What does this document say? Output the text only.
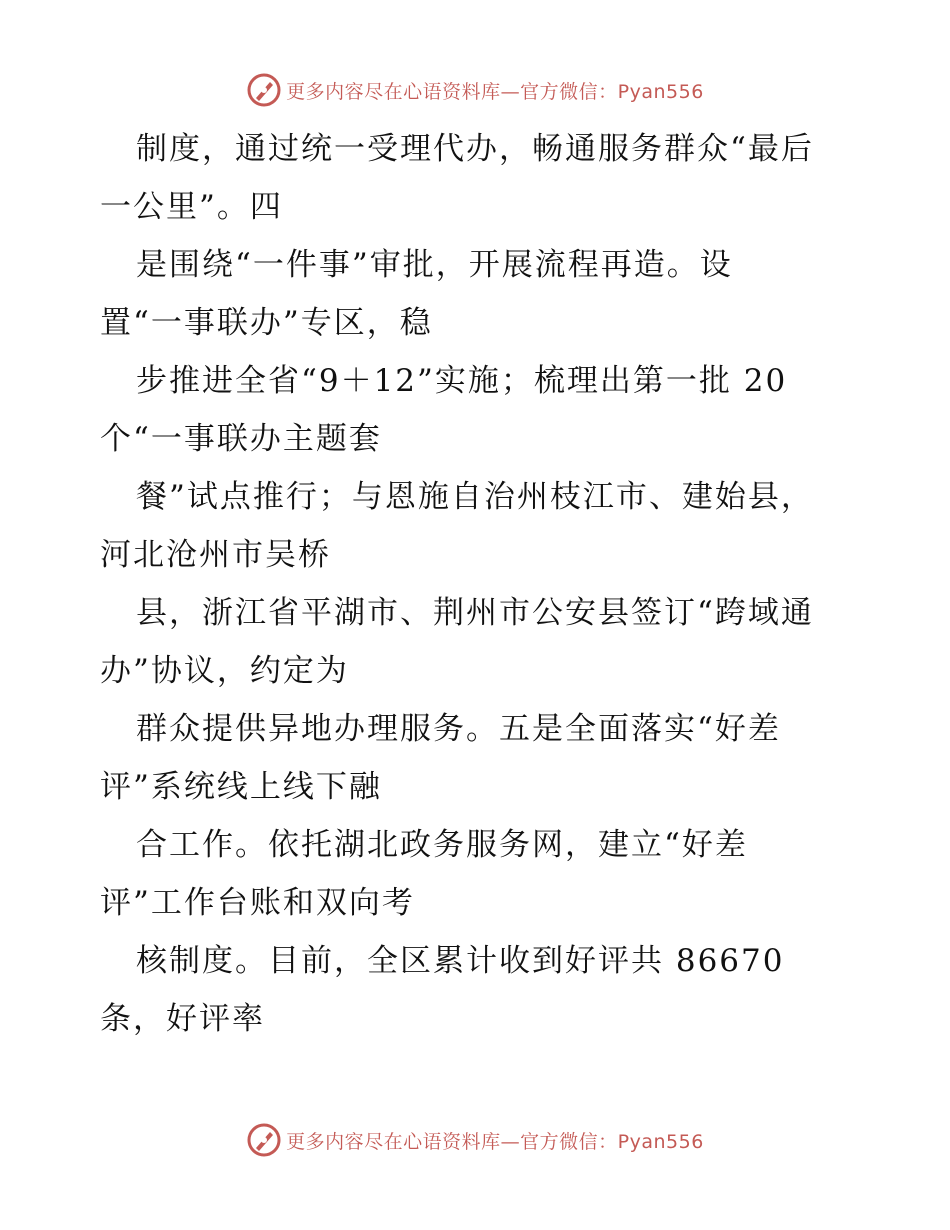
更多内容尽在心语资料库—官方微信：Pyan556
制度，通过统一受理代办，畅通服务群众“最后
一公里”。四
是围绕“一件事”审批，开展流程再造。设
置“一事联办”专区，稳
步推进全省“9＋12”实施；梳理出第一批 20
个“一事联办主题套
餐”试点推行；与恩施自治州枝江市、建始县，
河北沧州市吴桥
县，浙江省平湖市、荆州市公安县签订“跨域通
办”协议，约定为
群众提供异地办理服务。五是全面落实“好差
评”系统线上线下融
合工作。依托湖北政务服务网，建立“好差
评”工作台账和双向考
核制度。目前，全区累计收到好评共 86670
条，好评率
更多内容尽在心语资料库—官方微信：Pyan556
